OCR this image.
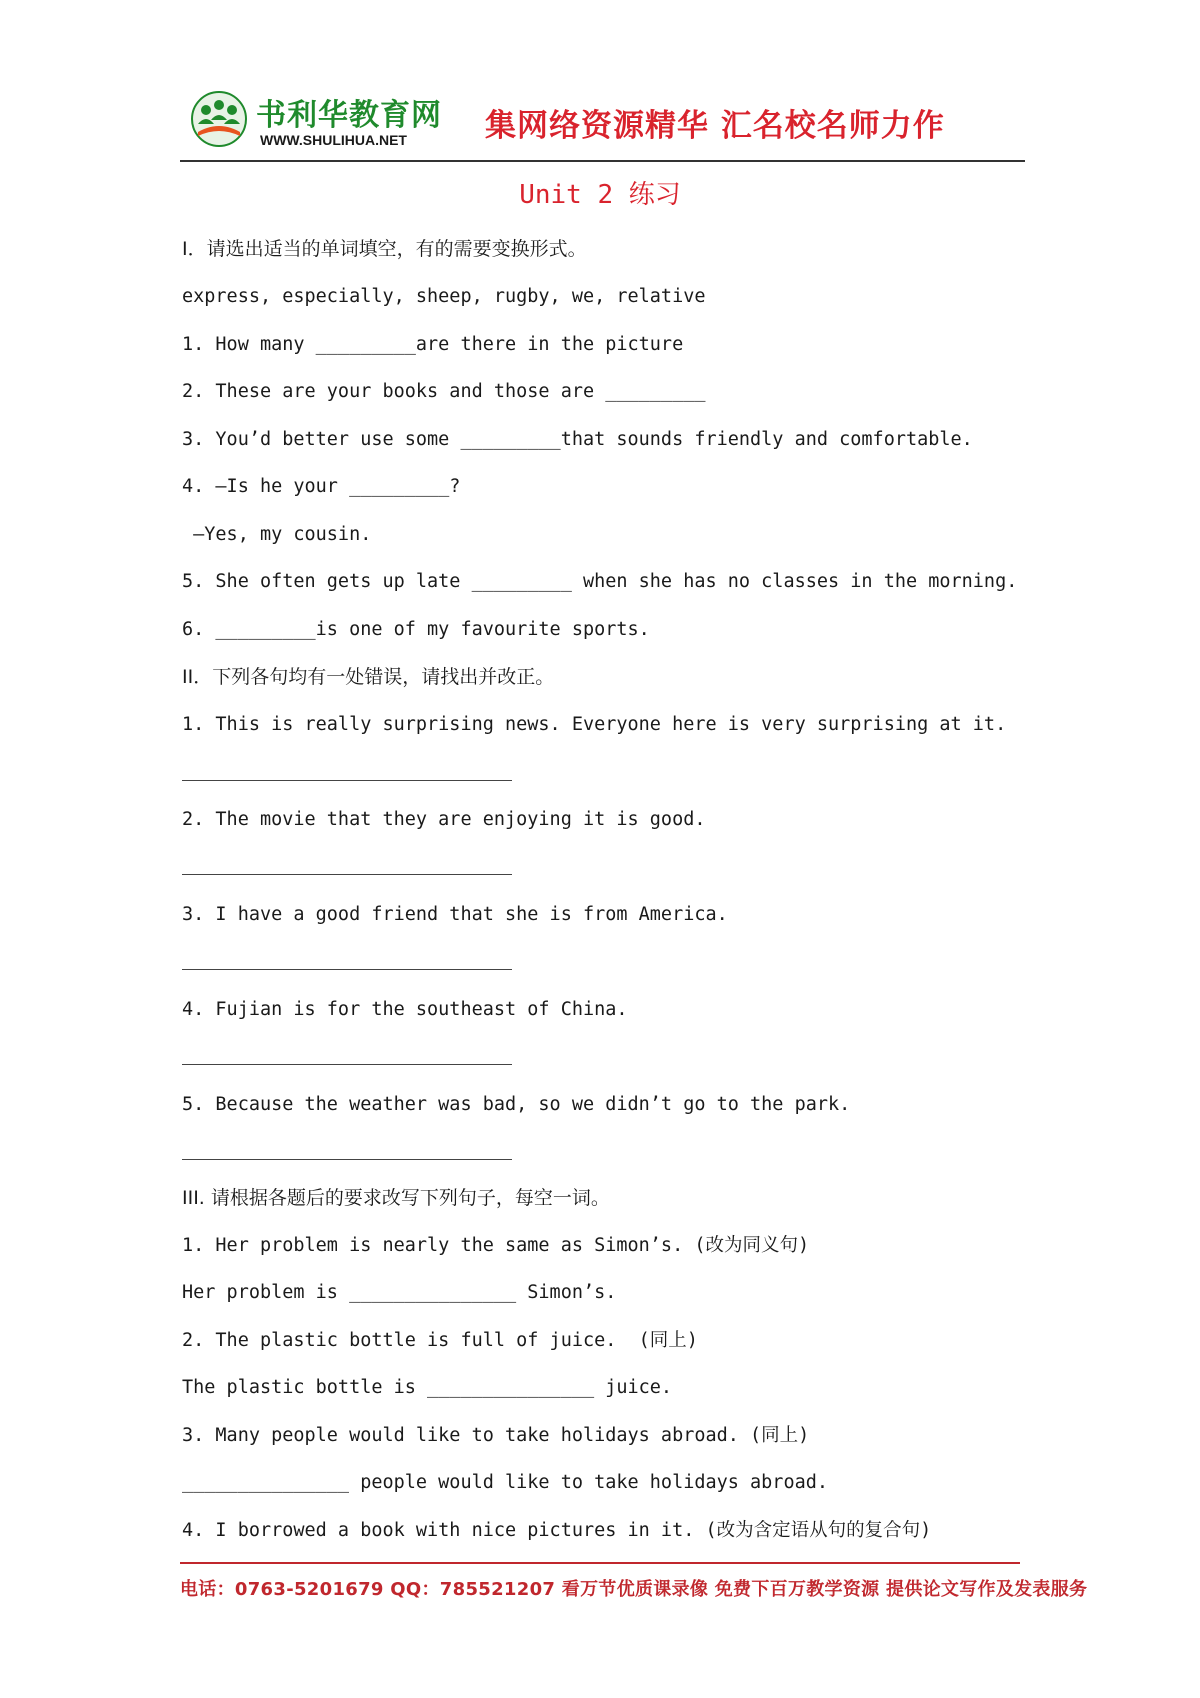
书利华教育网
WWW.SHULIHUA.NET	集网络资源精华 汇名校名师力作
Unit 2 练习
I．请选出适当的单词填空，有的需要变换形式。
express, especially, sheep, rugby, we, relative
1. How many _________are there in the picture
2. These are your books and those are _________
3. You’d better use some _________that sounds friendly and comfortable.
4. —Is he your _________?
—Yes, my cousin.
5. She often gets up late _________ when she has no classes in the morning.
6. _________is one of my favourite sports.
II．下列各句均有一处错误，请找出并改正。
1. This is really surprising news. Everyone here is very surprising at it.
2. The movie that they are enjoying it is good.
3. I have a good friend that she is from America.
4. Fujian is for the southeast of China.
5. Because the weather was bad, so we didn’t go to the park.
III. 请根据各题后的要求改写下列句子，每空一词。
1. Her problem is nearly the same as Simon’s. (改为同义句)
Her problem is _______________ Simon’s.
2. The plastic bottle is full of juice.  (同上)
The plastic bottle is _______________ juice.
3. Many people would like to take holidays abroad. (同上)
_______________ people would like to take holidays abroad.
4. I borrowed a book with nice pictures in it. (改为含定语从句的复合句)
电话：0763-5201679 QQ：785521207 看万节优质课录像 免费下百万教学资源 提供论文写作及发表服务
